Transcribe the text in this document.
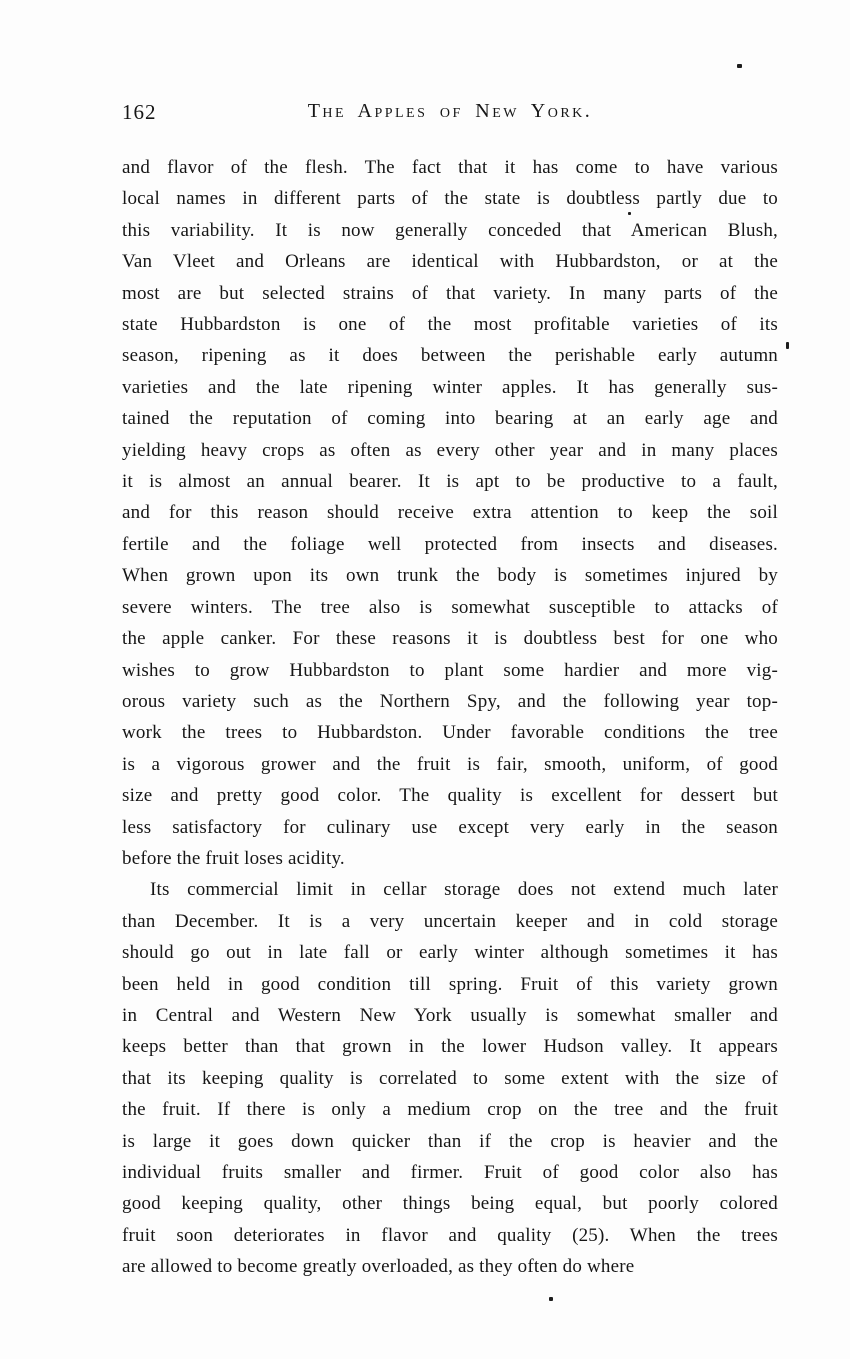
162	The Apples of New York.
and flavor of the flesh. The fact that it has come to have various
local names in different parts of the state is doubtless partly due to
this variability. It is now generally conceded that American Blush,
Van Vleet and Orleans are identical with Hubbardston, or at the
most are but selected strains of that variety. In many parts of the
state Hubbardston is one of the most profitable varieties of its
season, ripening as it does between the perishable early autumn
varieties and the late ripening winter apples. It has generally sus-
tained the reputation of coming into bearing at an early age and
yielding heavy crops as often as every other year and in many places
it is almost an annual bearer. It is apt to be productive to a fault,
and for this reason should receive extra attention to keep the soil
fertile and the foliage well protected from insects and diseases.
When grown upon its own trunk the body is sometimes injured by
severe winters. The tree also is somewhat susceptible to attacks of
the apple canker. For these reasons it is doubtless best for one who
wishes to grow Hubbardston to plant some hardier and more vig-
orous variety such as the Northern Spy, and the following year top-
work the trees to Hubbardston. Under favorable conditions the tree
is a vigorous grower and the fruit is fair, smooth, uniform, of good
size and pretty good color. The quality is excellent for dessert but
less satisfactory for culinary use except very early in the season
before the fruit loses acidity.
Its commercial limit in cellar storage does not extend much later
than December. It is a very uncertain keeper and in cold storage
should go out in late fall or early winter although sometimes it has
been held in good condition till spring. Fruit of this variety grown
in Central and Western New York usually is somewhat smaller and
keeps better than that grown in the lower Hudson valley. It appears
that its keeping quality is correlated to some extent with the size of
the fruit. If there is only a medium crop on the tree and the fruit
is large it goes down quicker than if the crop is heavier and the
individual fruits smaller and firmer. Fruit of good color also has
good keeping quality, other things being equal, but poorly colored
fruit soon deteriorates in flavor and quality (25). When the trees
are allowed to become greatly overloaded, as they often do where
